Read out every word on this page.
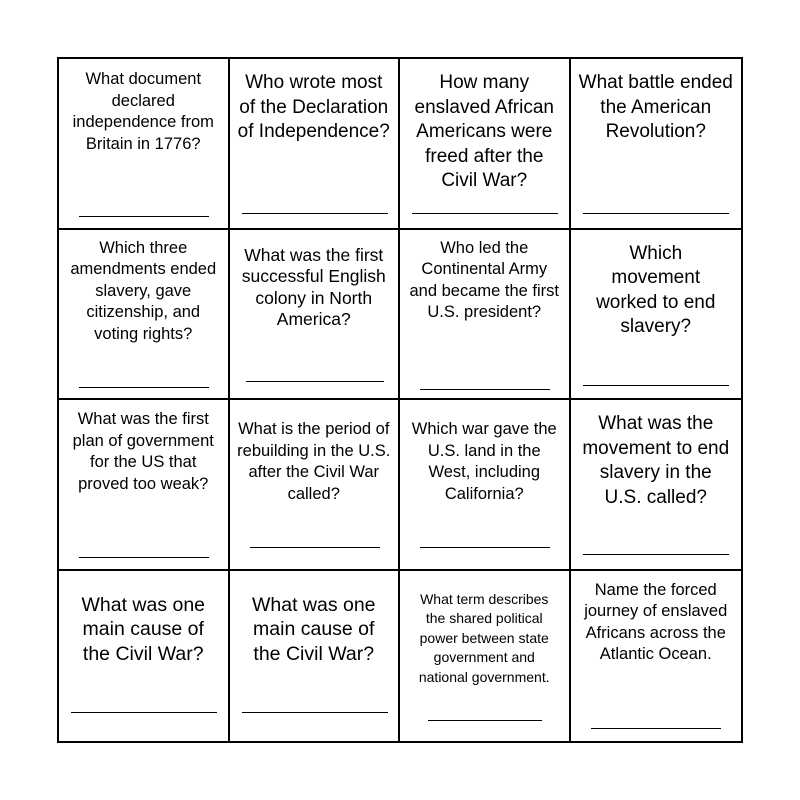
What document declared independence from Britain in 1776?

Who wrote most of the Declaration of Independence?

How many enslaved African Americans were freed after the Civil War?

What battle ended the American Revolution?

Which three amendments ended slavery, gave citizenship, and voting rights?

What was the first successful English colony in North America?

Who led the Continental Army and became the first U.S. president?

Which movement worked to end slavery?

What was the first plan of government for the US that proved too weak?

What is the period of rebuilding in the U.S. after the Civil War called?

Which war gave the U.S. land in the West, including California?

What was the movement to end slavery in the U.S. called?

What was one main cause of the Civil War?

What was one main cause of the Civil War?

What term describes the shared political power between state government and national government.

Name the forced journey of enslaved Africans across the Atlantic Ocean.
